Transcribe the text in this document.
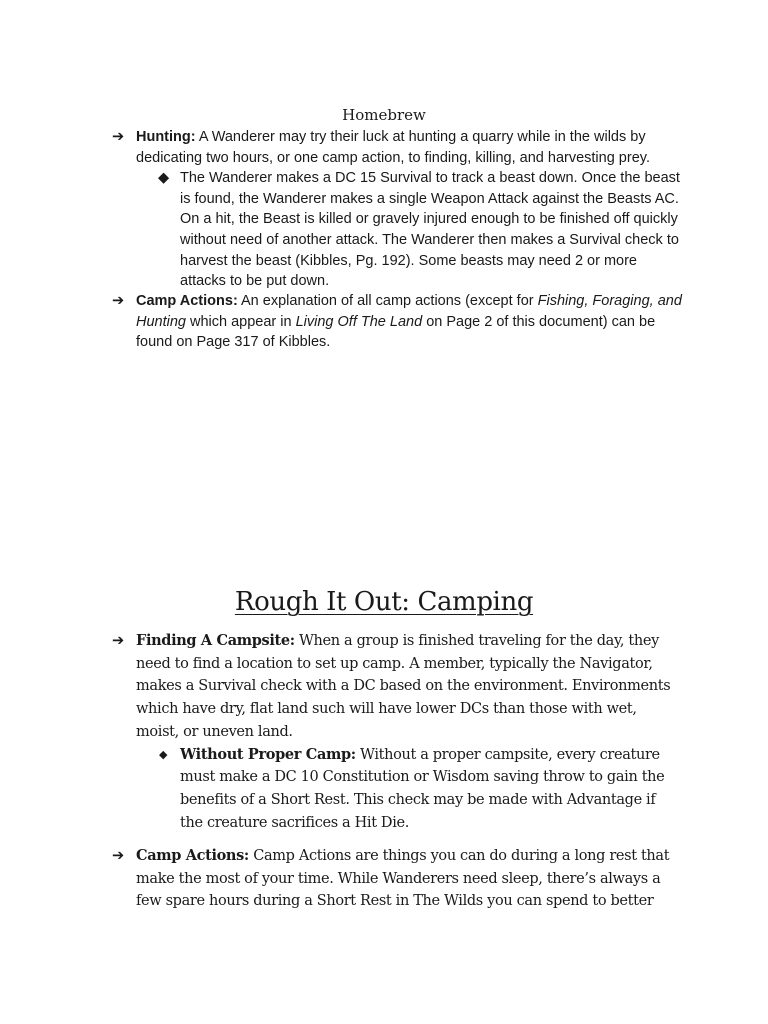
Homebrew
➔ Hunting: A Wanderer may try their luck at hunting a quarry while in the wilds by dedicating two hours, or one camp action, to finding, killing, and harvesting prey.
◆ The Wanderer makes a DC 15 Survival to track a beast down. Once the beast is found, the Wanderer makes a single Weapon Attack against the Beasts AC. On a hit, the Beast is killed or gravely injured enough to be finished off quickly without need of another attack. The Wanderer then makes a Survival check to harvest the beast (Kibbles, Pg. 192). Some beasts may need 2 or more attacks to be put down.
➔ Camp Actions: An explanation of all camp actions (except for Fishing, Foraging, and Hunting which appear in Living Off The Land on Page 2 of this document) can be found on Page 317 of Kibbles.
Rough It Out: Camping
➔ Finding A Campsite: When a group is finished traveling for the day, they need to find a location to set up camp. A member, typically the Navigator, makes a Survival check with a DC based on the environment. Environments which have dry, flat land such will have lower DCs than those with wet, moist, or uneven land.
◆ Without Proper Camp: Without a proper campsite, every creature must make a DC 10 Constitution or Wisdom saving throw to gain the benefits of a Short Rest. This check may be made with Advantage if the creature sacrifices a Hit Die.
➔ Camp Actions: Camp Actions are things you can do during a long rest that make the most of your time. While Wanderers need sleep, there’s always a few spare hours during a Short Rest in The Wilds you can spend to better
